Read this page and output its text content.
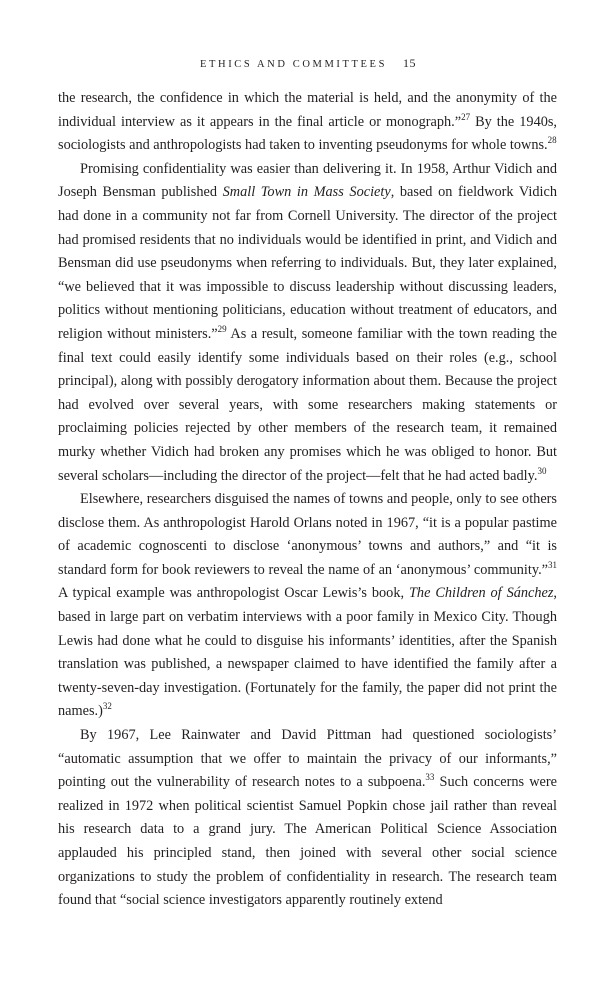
ETHICS AND COMMITTEES 15

the research, the confidence in which the material is held, and the anonymity of the individual interview as it appears in the final article or monograph.”$^{27}$ By the 1940s, sociologists and anthropologists had taken to inventing pseudonyms for whole towns.$^{28}$

Promising confidentiality was easier than delivering it. In 1958, Arthur Vidich and Joseph Bensman published Small Town in Mass Society, based on fieldwork Vidich had done in a community not far from Cornell University. The director of the project had promised residents that no individuals would be identified in print, and Vidich and Bensman did use pseudonyms when referring to individuals. But, they later explained, “we believed that it was impossible to discuss leadership without discussing leaders, politics without mentioning politicians, education without treatment of educators, and religion without ministers.”$^{29}$ As a result, someone familiar with the town reading the final text could easily identify some individuals based on their roles (e.g., school principal), along with possibly derogatory information about them. Because the project had evolved over several years, with some researchers making statements or proclaiming policies rejected by other members of the research team, it remained murky whether Vidich had broken any promises which he was obliged to honor. But several scholars—including the director of the project—felt that he had acted badly.$^{30}$

Elsewhere, researchers disguised the names of towns and people, only to see others disclose them. As anthropologist Harold Orlans noted in 1967, “it is a popular pastime of academic cognoscenti to disclose ‘anonymous’ towns and authors,” and “it is standard form for book reviewers to reveal the name of an ‘anonymous’ community.”$^{31}$ A typical example was anthropologist Oscar Lewis’s book, The Children of Sánchez, based in large part on verbatim interviews with a poor family in Mexico City. Though Lewis had done what he could to disguise his informants’ identities, after the Spanish translation was published, a newspaper claimed to have identified the family after a twenty-seven-day investigation. (Fortunately for the family, the paper did not print the names.)$^{32}$

By 1967, Lee Rainwater and David Pittman had questioned sociologists’ “automatic assumption that we offer to maintain the privacy of our informants,” pointing out the vulnerability of research notes to a subpoena.$^{33}$ Such concerns were realized in 1972 when political scientist Samuel Popkin chose jail rather than reveal his research data to a grand jury. The American Political Science Association applauded his principled stand, then joined with several other social science organizations to study the problem of confidentiality in research. The research team found that “social science investigators apparently routinely extend
